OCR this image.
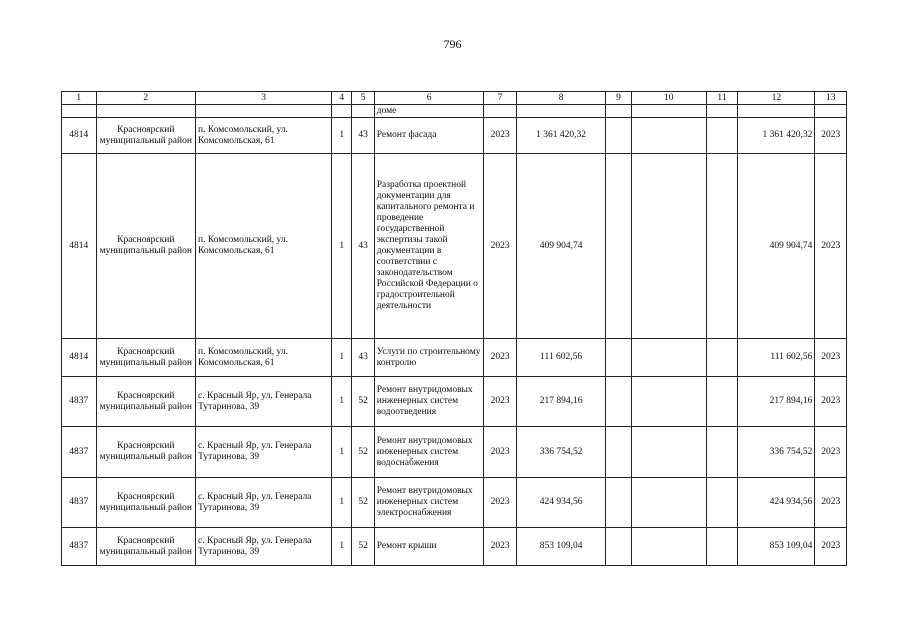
796
1	2	3	4	5	6	7	8	9	10	11	12	13
					доме							
4814	Красноярский муниципальный район	п. Комсомольский, ул. Комсомольская, 61	1	43	Ремонт фасада	2023	1 361 420,32				1 361 420,32	2023
4814	Красноярский муниципальный район	п. Комсомольский, ул. Комсомольская, 61	1	43	Разработка проектной документации для капитального ремонта и проведение государственной экспертизы такой документации в соответствии с законодательством Российской Федерации о градостроительной деятельности	2023	409 904,74				409 904,74	2023
4814	Красноярский муниципальный район	п. Комсомольский, ул. Комсомольская, 61	1	43	Услуги по строительному контролю	2023	111 602,56				111 602,56	2023
4837	Красноярский муниципальный район	с. Красный Яр, ул. Генерала Тутаринова, 39	1	52	Ремонт внутридомовых инженерных систем водоотведения	2023	217 894,16				217 894,16	2023
4837	Красноярский муниципальный район	с. Красный Яр, ул. Генерала Тутаринова, 39	1	52	Ремонт внутридомовых инженерных систем водоснабжения	2023	336 754,52				336 754,52	2023
4837	Красноярский муниципальный район	с. Красный Яр, ул. Генерала Тутаринова, 39	1	52	Ремонт внутридомовых инженерных систем электроснабжения	2023	424 934,56				424 934,56	2023
4837	Красноярский муниципальный район	с. Красный Яр, ул. Генерала Тутаринова, 39	1	52	Ремонт крыши	2023	853 109,04				853 109,04	2023
